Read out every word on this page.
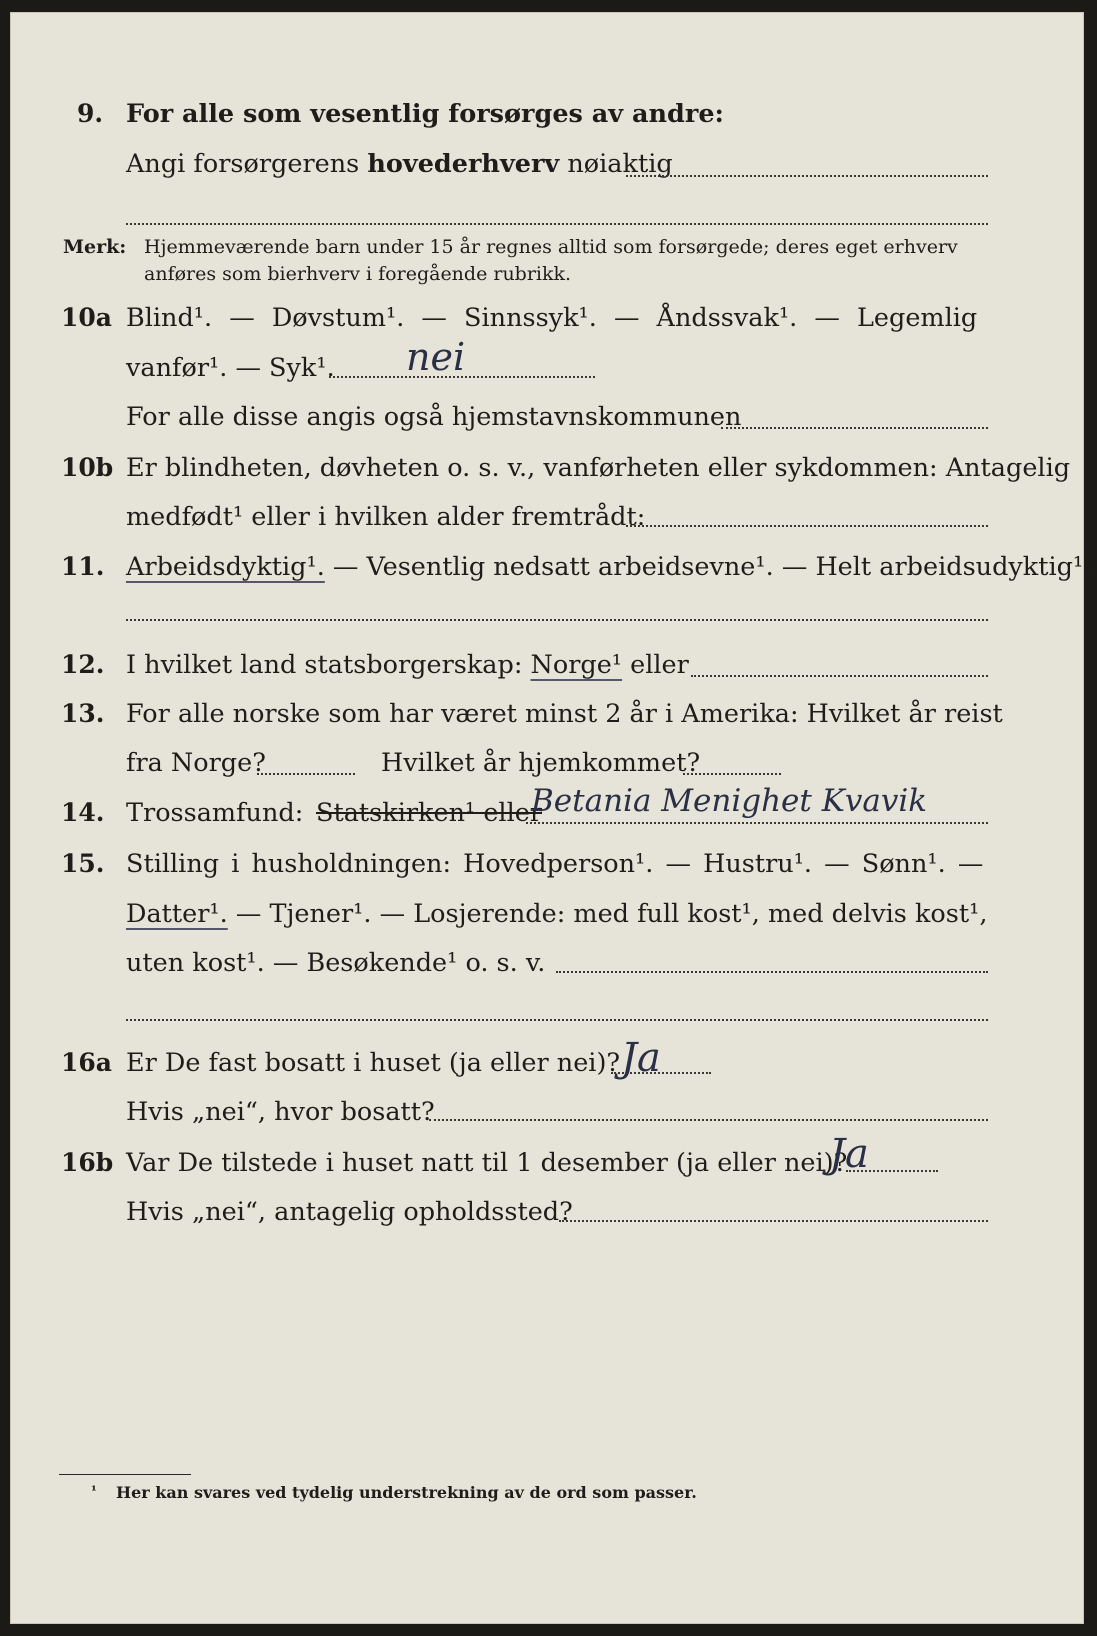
9. For alle som vesentlig forsørges av andre:
Angi forsørgerens hovederhverv nøiaktig
Merk: Hjemmeværende barn under 15 år regnes alltid som forsørgede; deres eget erhverv
anføres som bierhverv i foregående rubrikk.
10a Blind¹. — Døvstum¹. — Sinnssyk¹. — Åndssvak¹. — Legemlig
vanfør¹. — Syk¹. nei
For alle disse angis også hjemstavnskommunen
10b Er blindheten, døvheten o. s. v., vanførheten eller sykdommen: Antagelig
medfødt¹ eller i hvilken alder fremtrådt:
11. Arbeidsdyktig¹. — Vesentlig nedsatt arbeidsevne¹. — Helt arbeidsudyktig¹.
12. I hvilket land statsborgerskap: Norge¹ eller
13. For alle norske som har været minst 2 år i Amerika: Hvilket år reist
fra Norge?	Hvilket år hjemkommet?
14. Trossamfund: Statskirken¹ eller
Betania Menighet Kvavik
15. Stilling i husholdningen: Hovedperson¹. — Hustru¹. — Sønn¹. —
Datter¹. — Tjener¹. — Losjerende: med full kost¹, med delvis kost¹,
uten kost¹. — Besøkende¹ o. s. v.
16a Er De fast bosatt i huset (ja eller nei)? Ja
Hvis „nei“, hvor bosatt?
16b Var De tilstede i huset natt til 1 desember (ja eller nei)?
Ja
Hvis „nei“, antagelig opholdssted?
¹ Her kan svares ved tydelig understrekning av de ord som passer.
